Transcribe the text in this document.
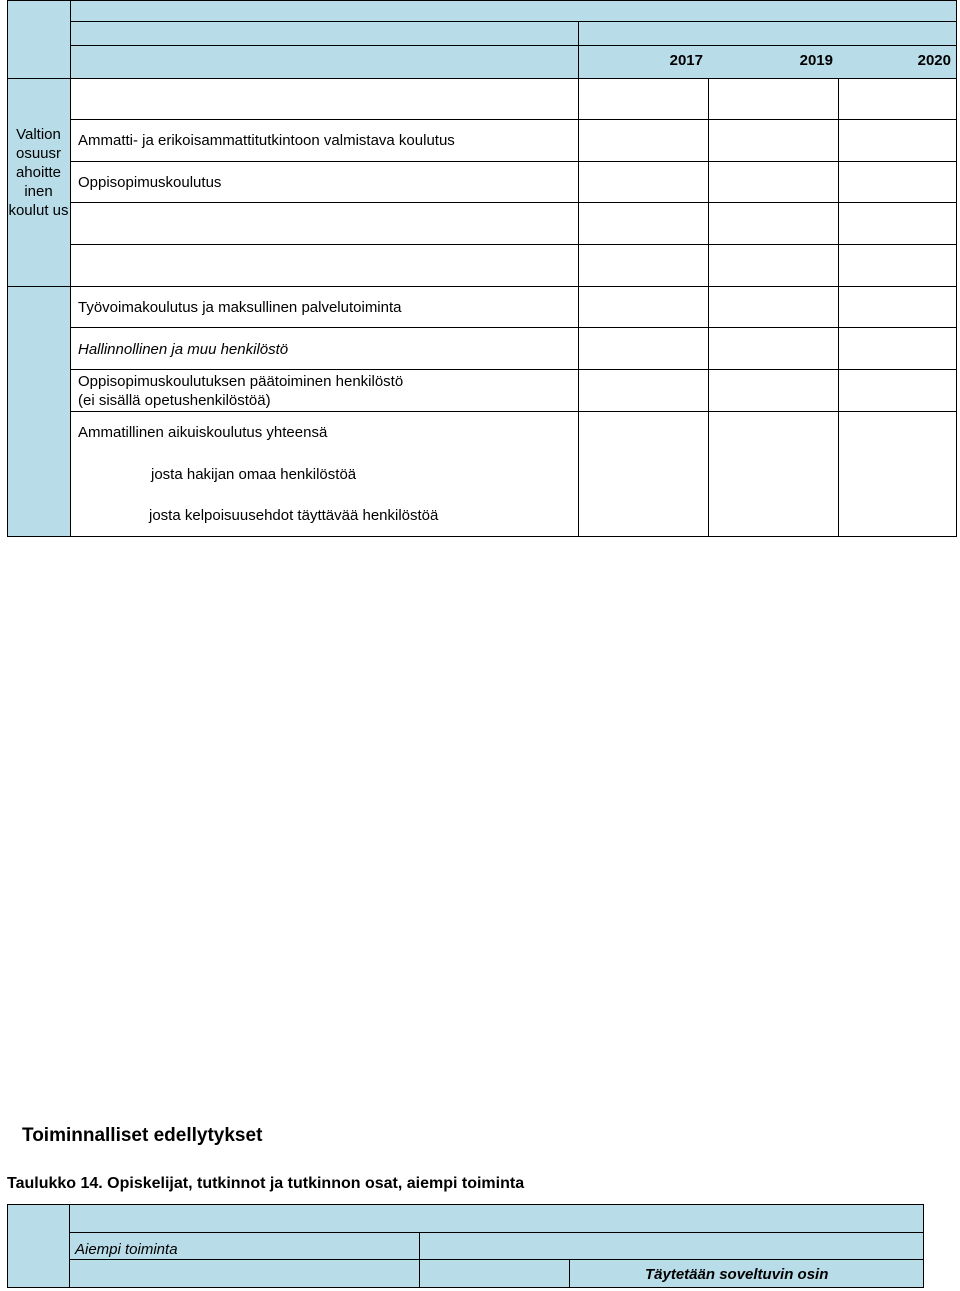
2017	2019	2020
Valtion osuusr ahoitte inen koulut us
Ammatti- ja erikoisammattitutkintoon valmistava koulutus
Oppisopimuskoulutus
Työvoimakoulutus ja maksullinen palvelutoiminta
Hallinnollinen ja muu henkilöstö
Oppisopimuskoulutuksen päätoiminen henkilöstö
(ei sisällä opetushenkilöstöä)
Ammatillinen aikuiskoulutus yhteensä
josta hakijan omaa henkilöstöä
josta kelpoisuusehdot täyttävää henkilöstöä
Toiminnalliset edellytykset
Taulukko 14. Opiskelijat, tutkinnot ja tutkinnon osat, aiempi toiminta
Aiempi toiminta
Täytetään soveltuvin osin
